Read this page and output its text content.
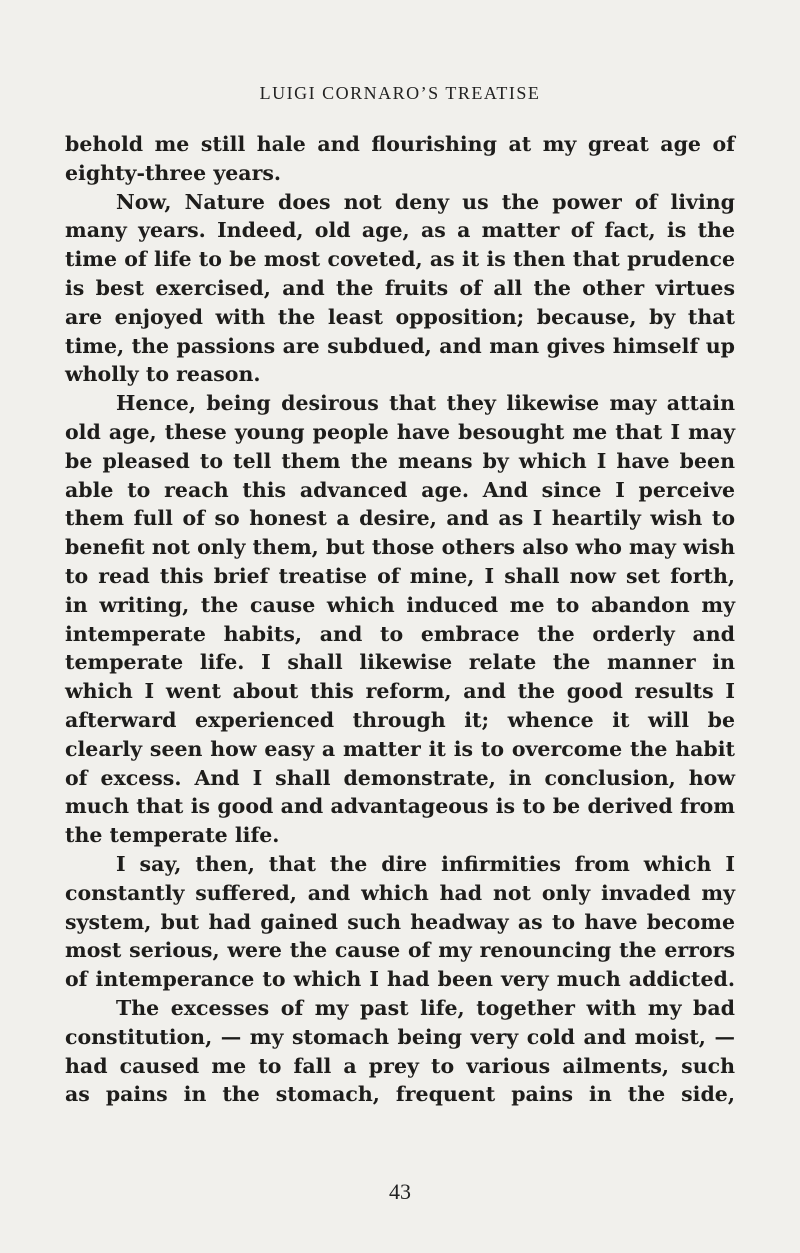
LUIGI CORNARO’S TREATISE
behold me still hale and flourishing at my great age of
eighty-three years.
Now, Nature does not deny us the power of living
many years. Indeed, old age, as a matter of fact, is the
time of life to be most coveted, as it is then that prudence
is best exercised, and the fruits of all the other virtues
are enjoyed with the least opposition; because, by that
time, the passions are subdued, and man gives himself up
wholly to reason.
Hence, being desirous that they likewise may attain
old age, these young people have besought me that I may
be pleased to tell them the means by which I have been
able to reach this advanced age. And since I perceive
them full of so honest a desire, and as I heartily wish to
benefit not only them, but those others also who may wish
to read this brief treatise of mine, I shall now set forth,
in writing, the cause which induced me to abandon my
intemperate habits, and to embrace the orderly and
temperate life. I shall likewise relate the manner in
which I went about this reform, and the good results I
afterward experienced through it; whence it will be
clearly seen how easy a matter it is to overcome the habit
of excess. And I shall demonstrate, in conclusion, how
much that is good and advantageous is to be derived from
the temperate life.
I say, then, that the dire infirmities from which I
constantly suffered, and which had not only invaded my
system, but had gained such headway as to have become
most serious, were the cause of my renouncing the errors
of intemperance to which I had been very much addicted.
The excesses of my past life, together with my bad
constitution, — my stomach being very cold and moist, —
had caused me to fall a prey to various ailments, such
as pains in the stomach, frequent pains in the side,
43
